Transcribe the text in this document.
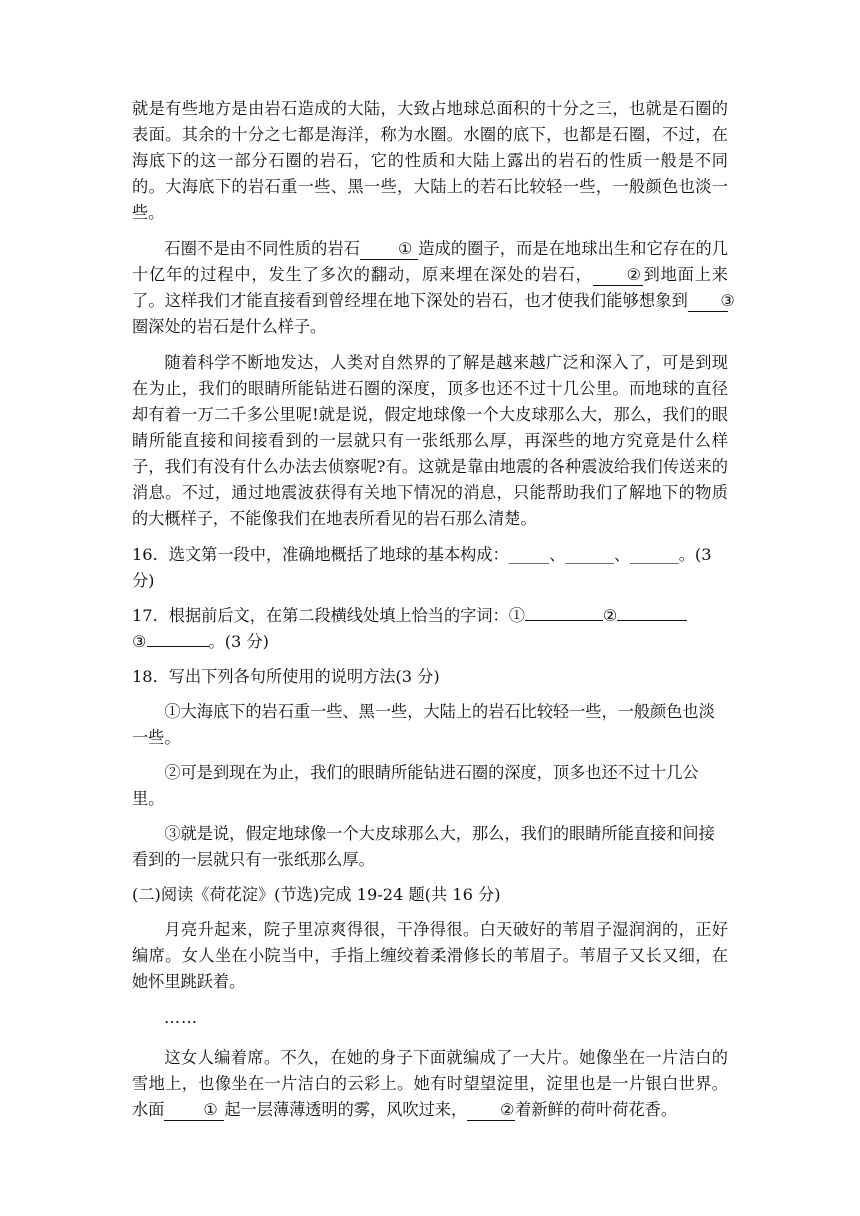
就是有些地方是由岩石造成的大陆，大致占地球总面积的十分之三，也就是石圈的表面。其余的十分之七都是海洋，称为水圈。水圈的底下，也都是石圈，不过，在海底下的这一部分石圈的岩石，它的性质和大陆上露出的岩石的性质一般是不同的。大海底下的岩石重一些、黑一些，大陆上的若石比较轻一些，一般颜色也淡一些。

石圈不是由不同性质的岩石 ① 造成的圈子，而是在地球出生和它存在的几十亿年的过程中，发生了多次的翻动，原来埋在深处的岩石， ②到地面上来了。这样我们才能直接看到曾经埋在地下深处的岩石，也才使我们能够想象到 ③圈深处的岩石是什么样子。

随着科学不断地发达，人类对自然界的了解是越来越广泛和深入了，可是到现在为止，我们的眼睛所能钻进石圈的深度，顶多也还不过十几公里。而地球的直径却有着一万二千多公里呢!就是说，假定地球像一个大皮球那么大，那么，我们的眼睛所能直接和间接看到的一层就只有一张纸那么厚，再深些的地方究竟是什么样子，我们有没有什么办法去侦察呢?有。这就是靠由地震的各种震波给我们传送来的消息。不过，通过地震波获得有关地下情况的消息，只能帮助我们了解地下的物质的大概样子，不能像我们在地表所看见的岩石那么清楚。

16．选文第一段中，准确地概括了地球的基本构成：_____、______、______。(3 分)

17．根据前后文，在第二段横线处填上恰当的字词：①	②
③	。(3 分)

18．写出下列各句所使用的说明方法(3 分)

①大海底下的岩石重一些、黑一些，大陆上的岩石比较轻一些，一般颜色也淡一些。

②可是到现在为止，我们的眼睛所能钻进石圈的深度，顶多也还不过十几公里。

③就是说，假定地球像一个大皮球那么大，那么，我们的眼睛所能直接和间接看到的一层就只有一张纸那么厚。

(二)阅读《荷花淀》(节选)完成 19-24 题(共 16 分)

月亮升起来，院子里凉爽得很，干净得很。白天破好的苇眉子湿润润的，正好编席。女人坐在小院当中，手指上缠绞着柔滑修长的苇眉子。苇眉子又长又细，在她怀里跳跃着。

……

这女人编着席。不久，在她的身子下面就编成了一大片。她像坐在一片洁白的雪地上，也像坐在一片洁白的云彩上。她有时望望淀里，淀里也是一片银白世界。水面 ① 起一层薄薄透明的雾，风吹过来， ②着新鲜的荷叶荷花香。
